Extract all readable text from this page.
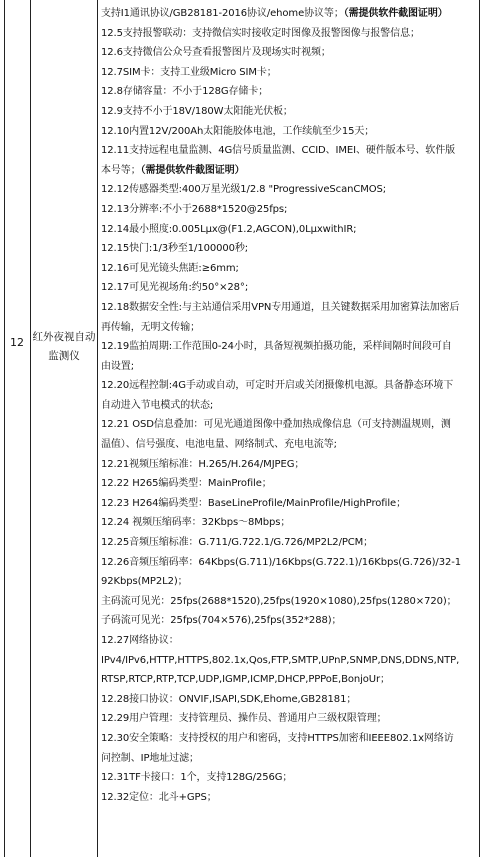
12 红外夜视自动
监测仪
支持I1通讯协议/GB28181-2016协议/ehome协议等；（需提供软件截图证明）
12.5支持报警联动：支持微信实时接收定时图像及报警图像与报警信息；
12.6支持微信公众号查看报警图片及现场实时视频；
12.7SIM卡：支持工业级Micro SIM卡；
12.8存储容量：不小于128G存储卡；
12.9支持不小于18V/180W太阳能光伏板；
12.10内置12V/200Ah太阳能胶体电池，工作续航至少15天；
12.11支持远程电量监测、4G信号质量监测、CCID、IMEI、硬件版本号、软件版
本号等；（需提供软件截图证明）
12.12传感器类型:400万星光级1/2.8 "ProgressiveScanCMOS;
12.13分辨率:不小于2688*1520@25fps;
12.14最小照度:0.005Lμx@(F1.2,AGCON),0LμxwithIR;
12.15快门:1/3秒至1/100000秒;
12.16可见光镜头焦距:≥6mm;
12.17可见光视场角:约50°×28°;
12.18数据安全性:与主站通信采用VPN专用通道，且关键数据采用加密算法加密后
再传输，无明文传输；
12.19监拍周期:工作范围0-24小时，具备短视频拍摄功能，采样间隔时间段可自
由设置;
12.20远程控制:4G手动或自动，可定时开启或关闭摄像机电源。具备静态环境下
自动进入节电模式的状态;
12.21 OSD信息叠加：可见光通道图像中叠加热成像信息（可支持测温规则，测
温值）、信号强度、电池电量、网络制式、充电电流等;
12.21视频压缩标准：H.265/H.264/MJPEG；
12.22 H265编码类型：MainProfile；
12.23 H264编码类型：BaseLineProfile/MainProfile/HighProfile；
12.24 视频压缩码率：32Kbps～8Mbps；
12.25音频压缩标准：G.711/G.722.1/G.726/MP2L2/PCM；
12.26音频压缩码率：64Kbps(G.711)/16Kbps(G.722.1)/16Kbps(G.726)/32-1
92Kbps(MP2L2)；
主码流可见光：25fps(2688*1520),25fps(1920×1080),25fps(1280×720)；
子码流可见光：25fps(704×576),25fps(352*288)；
12.27网络协议：
IPv4/IPv6,HTTP,HTTPS,802.1x,Qos,FTP,SMTP,UPnP,SNMP,DNS,DDNS,NTP,
RTSP,RTCP,RTP,TCP,UDP,IGMP,ICMP,DHCP,PPPoE,BonjoUr；
12.28接口协议：ONVIF,ISAPI,SDK,Ehome,GB28181；
12.29用户管理：支持管理员、操作员、普通用户三级权限管理；
12.30安全策略：支持授权的用户和密码，支持HTTPS加密和IEEE802.1x网络访
问控制、IP地址过滤；
12.31TF卡接口：1个，支持128G/256G；
12.32定位：北斗+GPS；
